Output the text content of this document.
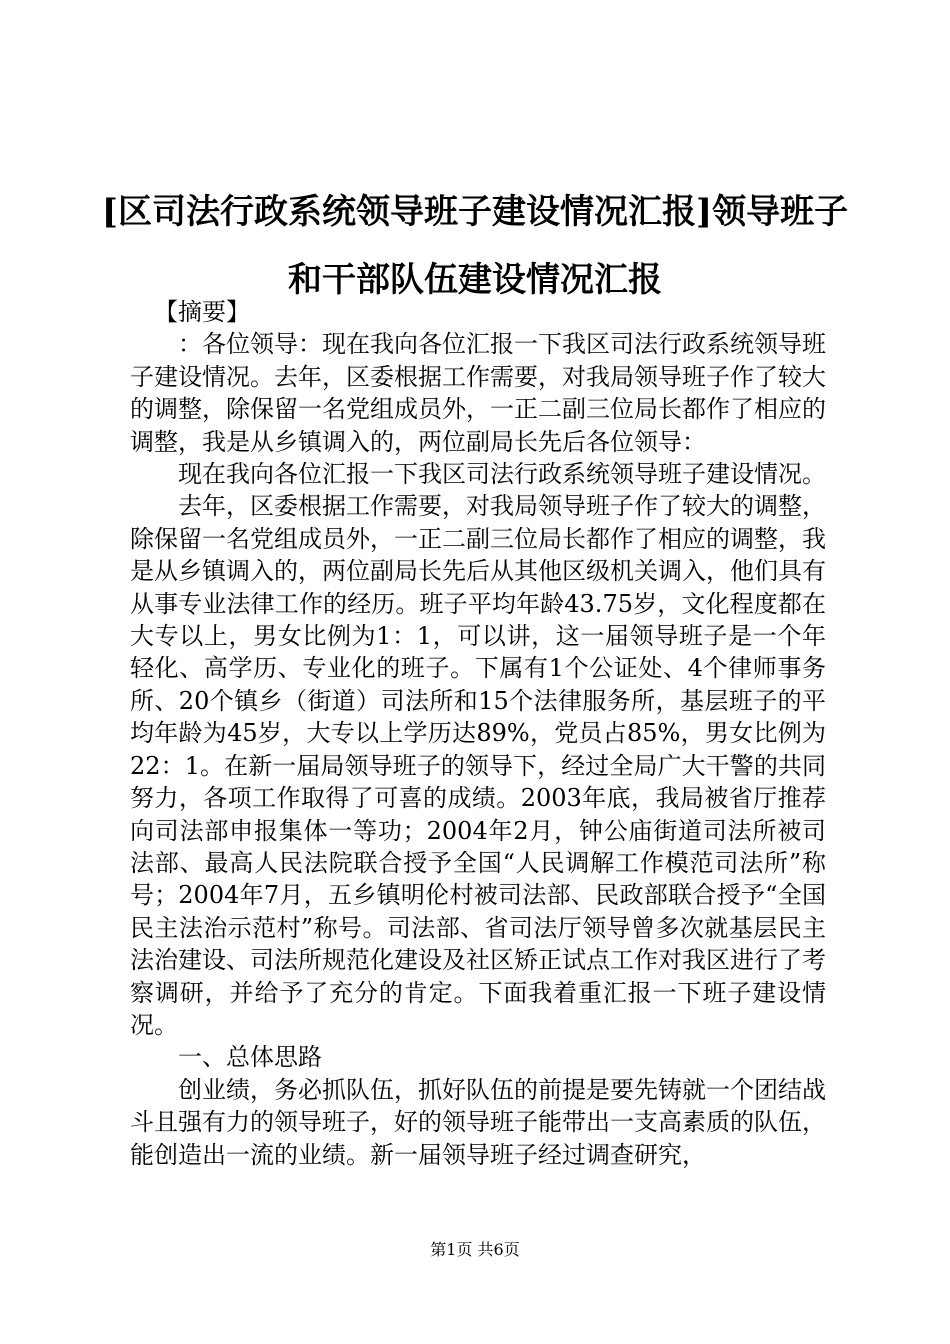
[区司法行政系统领导班子建设情况汇报]领导班子和干部队伍建设情况汇报

【摘要】

：各位领导：现在我向各位汇报一下我区司法行政系统领导班子建设情况。去年，区委根据工作需要，对我局领导班子作了较大的调整，除保留一名党组成员外，一正二副三位局长都作了相应的调整，我是从乡镇调入的，两位副局长先后各位领导：

现在我向各位汇报一下我区司法行政系统领导班子建设情况。

去年，区委根据工作需要，对我局领导班子作了较大的调整，除保留一名党组成员外，一正二副三位局长都作了相应的调整，我是从乡镇调入的，两位副局长先后从其他区级机关调入，他们具有从事专业法律工作的经历。班子平均年龄43.75岁，文化程度都在大专以上，男女比例为1：1，可以讲，这一届领导班子是一个年轻化、高学历、专业化的班子。下属有1个公证处、4个律师事务所、20个镇乡（街道）司法所和15个法律服务所，基层班子的平均年龄为45岁，大专以上学历达89%，党员占85%，男女比例为22：1。在新一届局领导班子的领导下，经过全局广大干警的共同努力，各项工作取得了可喜的成绩。2003年底，我局被省厅推荐向司法部申报集体一等功；2004年2月，钟公庙街道司法所被司法部、最高人民法院联合授予全国“人民调解工作模范司法所”称号；2004年7月，五乡镇明伦村被司法部、民政部联合授予“全国民主法治示范村”称号。司法部、省司法厅领导曾多次就基层民主法治建设、司法所规范化建设及社区矫正试点工作对我区进行了考察调研，并给予了充分的肯定。下面我着重汇报一下班子建设情况。

一、总体思路

创业绩，务必抓队伍，抓好队伍的前提是要先铸就一个团结战斗且强有力的领导班子，好的领导班子能带出一支高素质的队伍，能创造出一流的业绩。新一届领导班子经过调查研究，

第1页 共6页
